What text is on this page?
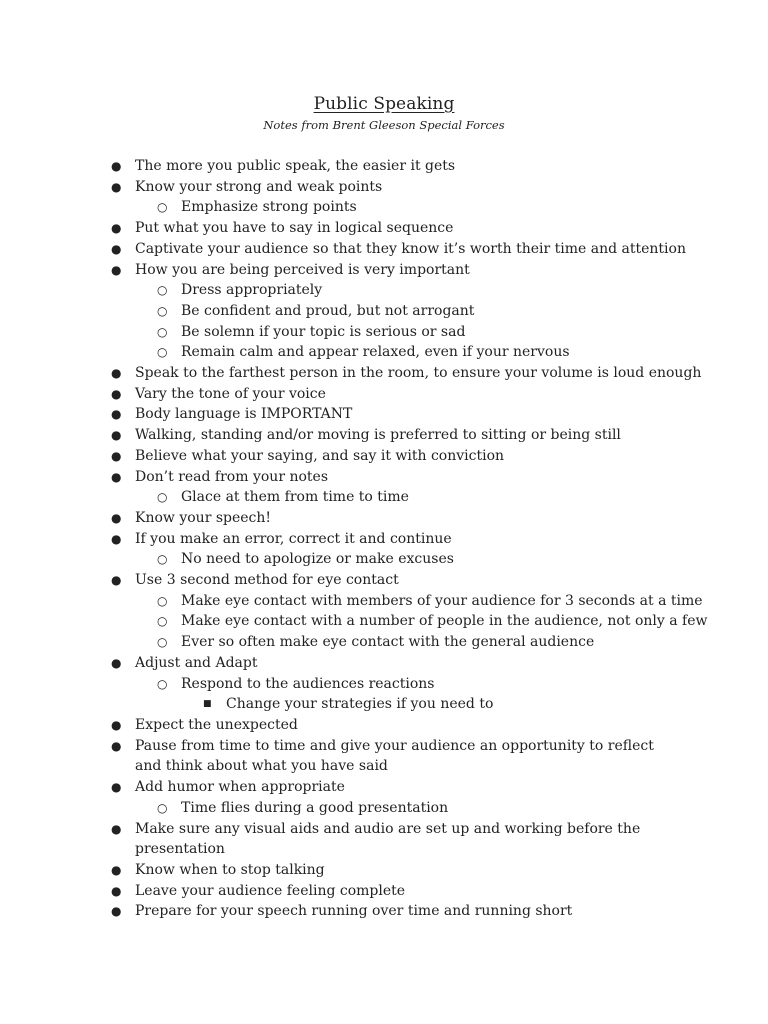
Public Speaking
Notes from Brent Gleeson Special Forces
● The more you public speak, the easier it gets
● Know your strong and weak points
○ Emphasize strong points
● Put what you have to say in logical sequence
● Captivate your audience so that they know it’s worth their time and attention
● How you are being perceived is very important
○ Dress appropriately
○ Be confident and proud, but not arrogant
○ Be solemn if your topic is serious or sad
○ Remain calm and appear relaxed, even if your nervous
● Speak to the farthest person in the room, to ensure your volume is loud enough
● Vary the tone of your voice
● Body language is IMPORTANT
● Walking, standing and/or moving is preferred to sitting or being still
● Believe what your saying, and say it with conviction
● Don’t read from your notes
○ Glace at them from time to time
● Know your speech!
● If you make an error, correct it and continue
○ No need to apologize or make excuses
● Use 3 second method for eye contact
○ Make eye contact with members of your audience for 3 seconds at a time
○ Make eye contact with a number of people in the audience, not only a few
○ Ever so often make eye contact with the general audience
● Adjust and Adapt
○ Respond to the audiences reactions
■ Change your strategies if you need to
● Expect the unexpected
● Pause from time to time and give your audience an opportunity to reflect and think about what you have said
● Add humor when appropriate
○ Time flies during a good presentation
● Make sure any visual aids and audio are set up and working before the presentation
● Know when to stop talking
● Leave your audience feeling complete
● Prepare for your speech running over time and running short
